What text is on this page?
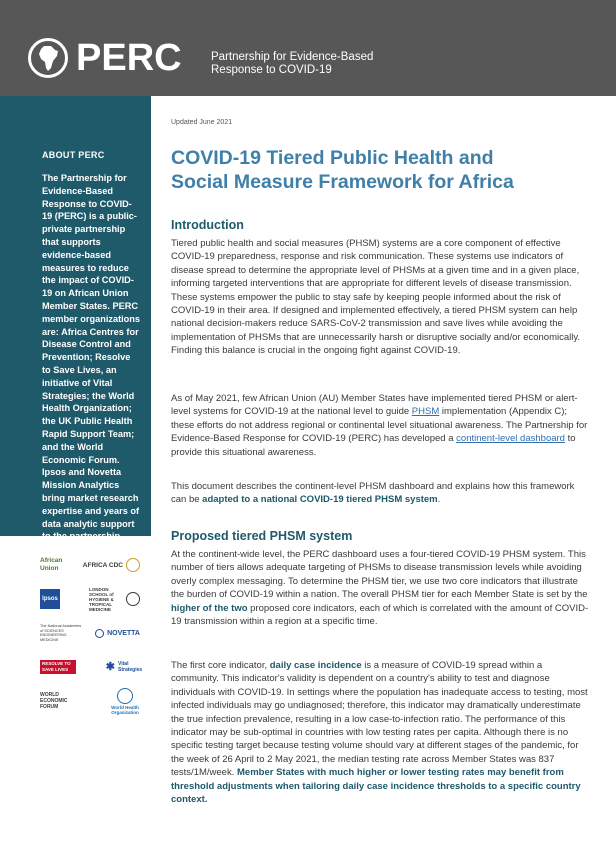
PERC	Partnership for Evidence-Based
Response to COVID-19
ABOUT PERC
The Partnership for Evidence-Based Response to COVID-19 (PERC) is a public-private partnership that supports evidence-based measures to reduce the impact of COVID-19 on African Union Member States. PERC member organizations are: Africa Centres for Disease Control and Prevention; Resolve to Save Lives, an initiative of Vital Strategies; the World Health Organization; the UK Public Health Rapid Support Team; and the World Economic Forum. Ipsos and Novetta Mission Analytics bring market research expertise and years of data analytic support to the partnership.
African Union	AFRICA CDC
Ipsos
LONDON SCHOOL of HYGIENE & TROPICAL MEDICINE
The National Academies of SCIENCES ENGINEERING MEDICINE
NOVETTA
RESOLVE TO SAVE LIVES	✱ Vital Strategies
WORLD ECONOMIC FORUM	World Health Organization
Updated June 2021
COVID-19 Tiered Public Health and
Social Measure Framework for Africa
Introduction
Tiered public health and social measures (PHSM) systems are a core component of effective COVID-19 preparedness, response and risk communication. These systems use indicators of disease spread to determine the appropriate level of PHSMs at a given time and in a given place, informing targeted interventions that are appropriate for different levels of disease transmission. These systems empower the public to stay safe by keeping people informed about the risk of COVID-19 in their area. If designed and implemented effectively, a tiered PHSM system can help national decision-makers reduce SARS-CoV-2 transmission and save lives while avoiding the implementation of PHSMs that are unnecessarily harsh or disruptive socially and/or economically. Finding this balance is crucial in the ongoing fight against COVID-19.
As of May 2021, few African Union (AU) Member States have implemented tiered PHSM or alert-level systems for COVID-19 at the national level to guide PHSM implementation (Appendix C); these efforts do not address regional or continental level situational awareness. The Partnership for Evidence-Based Response for COVID-19 (PERC) has developed a continent-level dashboard to provide this situational awareness.
This document describes the continent-level PHSM dashboard and explains how this framework can be adapted to a national COVID-19 tiered PHSM system.
Proposed tiered PHSM system
At the continent-wide level, the PERC dashboard uses a four-tiered COVID-19 PHSM system. This number of tiers allows adequate targeting of PHSMs to disease transmission levels while avoiding overly complex messaging. To determine the PHSM tier, we use two core indicators that illustrate the burden of COVID-19 within a nation. The overall PHSM tier for each Member State is set by the higher of the two proposed core indicators, each of which is correlated with the amount of COVID-19 transmission within a region at a specific time.
The first core indicator, daily case incidence is a measure of COVID-19 spread within a community. This indicator's validity is dependent on a country's ability to test and diagnose individuals with COVID-19. In settings where the population has inadequate access to testing, most infected individuals may go undiagnosed; therefore, this indicator may dramatically underestimate the true infection prevalence, resulting in a low case-to-infection ratio. The performance of this indicator may be sub-optimal in countries with low testing rates per capita. Although there is no specific testing target because testing volume should vary at different stages of the pandemic, for the week of 26 April to 2 May 2021, the median testing rate across Member States was 837 tests/1M/week. Member States with much higher or lower testing rates may benefit from threshold adjustments when tailoring daily case incidence thresholds to a specific country context.
